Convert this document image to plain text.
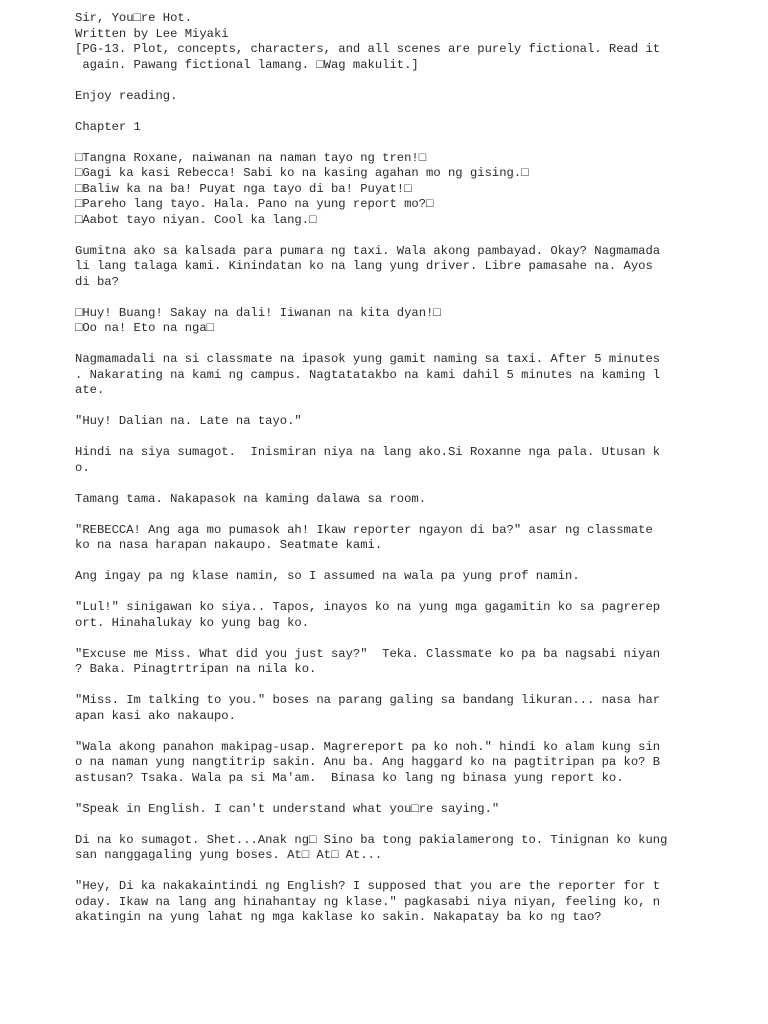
Sir, You□re Hot.
Written by Lee Miyaki
[PG-13. Plot, concepts, characters, and all scenes are purely fictional. Read it
again. Pawang fictional lamang. □Wag makulit.]
Enjoy reading.
Chapter 1
□Tangna Roxane, naiwanan na naman tayo ng tren!□
□Gagi ka kasi Rebecca! Sabi ko na kasing agahan mo ng gising.□
□Baliw ka na ba! Puyat nga tayo di ba! Puyat!□
□Pareho lang tayo. Hala. Pano na yung report mo?□
□Aabot tayo niyan. Cool ka lang.□
Gumitna ako sa kalsada para pumara ng taxi. Wala akong pambayad. Okay? Nagmamada
li lang talaga kami. Kinindatan ko na lang yung driver. Libre pamasahe na. Ayos
di ba?
□Huy! Buang! Sakay na dali! Iiwanan na kita dyan!□
□Oo na! Eto na nga□
Nagmamadali na si classmate na ipasok yung gamit naming sa taxi. After 5 minutes
. Nakarating na kami ng campus. Nagtatatakbo na kami dahil 5 minutes na kaming l
ate.
"Huy! Dalian na. Late na tayo."
Hindi na siya sumagot.  Inismiran niya na lang ako.Si Roxanne nga pala. Utusan k
o.
Tamang tama. Nakapasok na kaming dalawa sa room.
"REBECCA! Ang aga mo pumasok ah! Ikaw reporter ngayon di ba?" asar ng classmate
ko na nasa harapan nakaupo. Seatmate kami.
Ang ingay pa ng klase namin, so I assumed na wala pa yung prof namin.
"Lul!" sinigawan ko siya.. Tapos, inayos ko na yung mga gagamitin ko sa pagrerep
ort. Hinahalukay ko yung bag ko.
"Excuse me Miss. What did you just say?"  Teka. Classmate ko pa ba nagsabi niyan
? Baka. Pinagtrtripan na nila ko.
"Miss. Im talking to you." boses na parang galing sa bandang likuran... nasa har
apan kasi ako nakaupo.
"Wala akong panahon makipag-usap. Magrereport pa ko noh." hindi ko alam kung sin
o na naman yung nangtitrip sakin. Anu ba. Ang haggard ko na pagtitripan pa ko? B
astusan? Tsaka. Wala pa si Ma'am.  Binasa ko lang ng binasa yung report ko.
"Speak in English. I can't understand what you□re saying."
Di na ko sumagot. Shet...Anak ng□ Sino ba tong pakialamerong to. Tinignan ko kung
san nanggagaling yung boses. At□ At□ At...
"Hey, Di ka nakakaintindi ng English? I supposed that you are the reporter for t
oday. Ikaw na lang ang hinahantay ng klase." pagkasabi niya niyan, feeling ko, n
akatingin na yung lahat ng mga kaklase ko sakin. Nakapatay ba ko ng tao?
